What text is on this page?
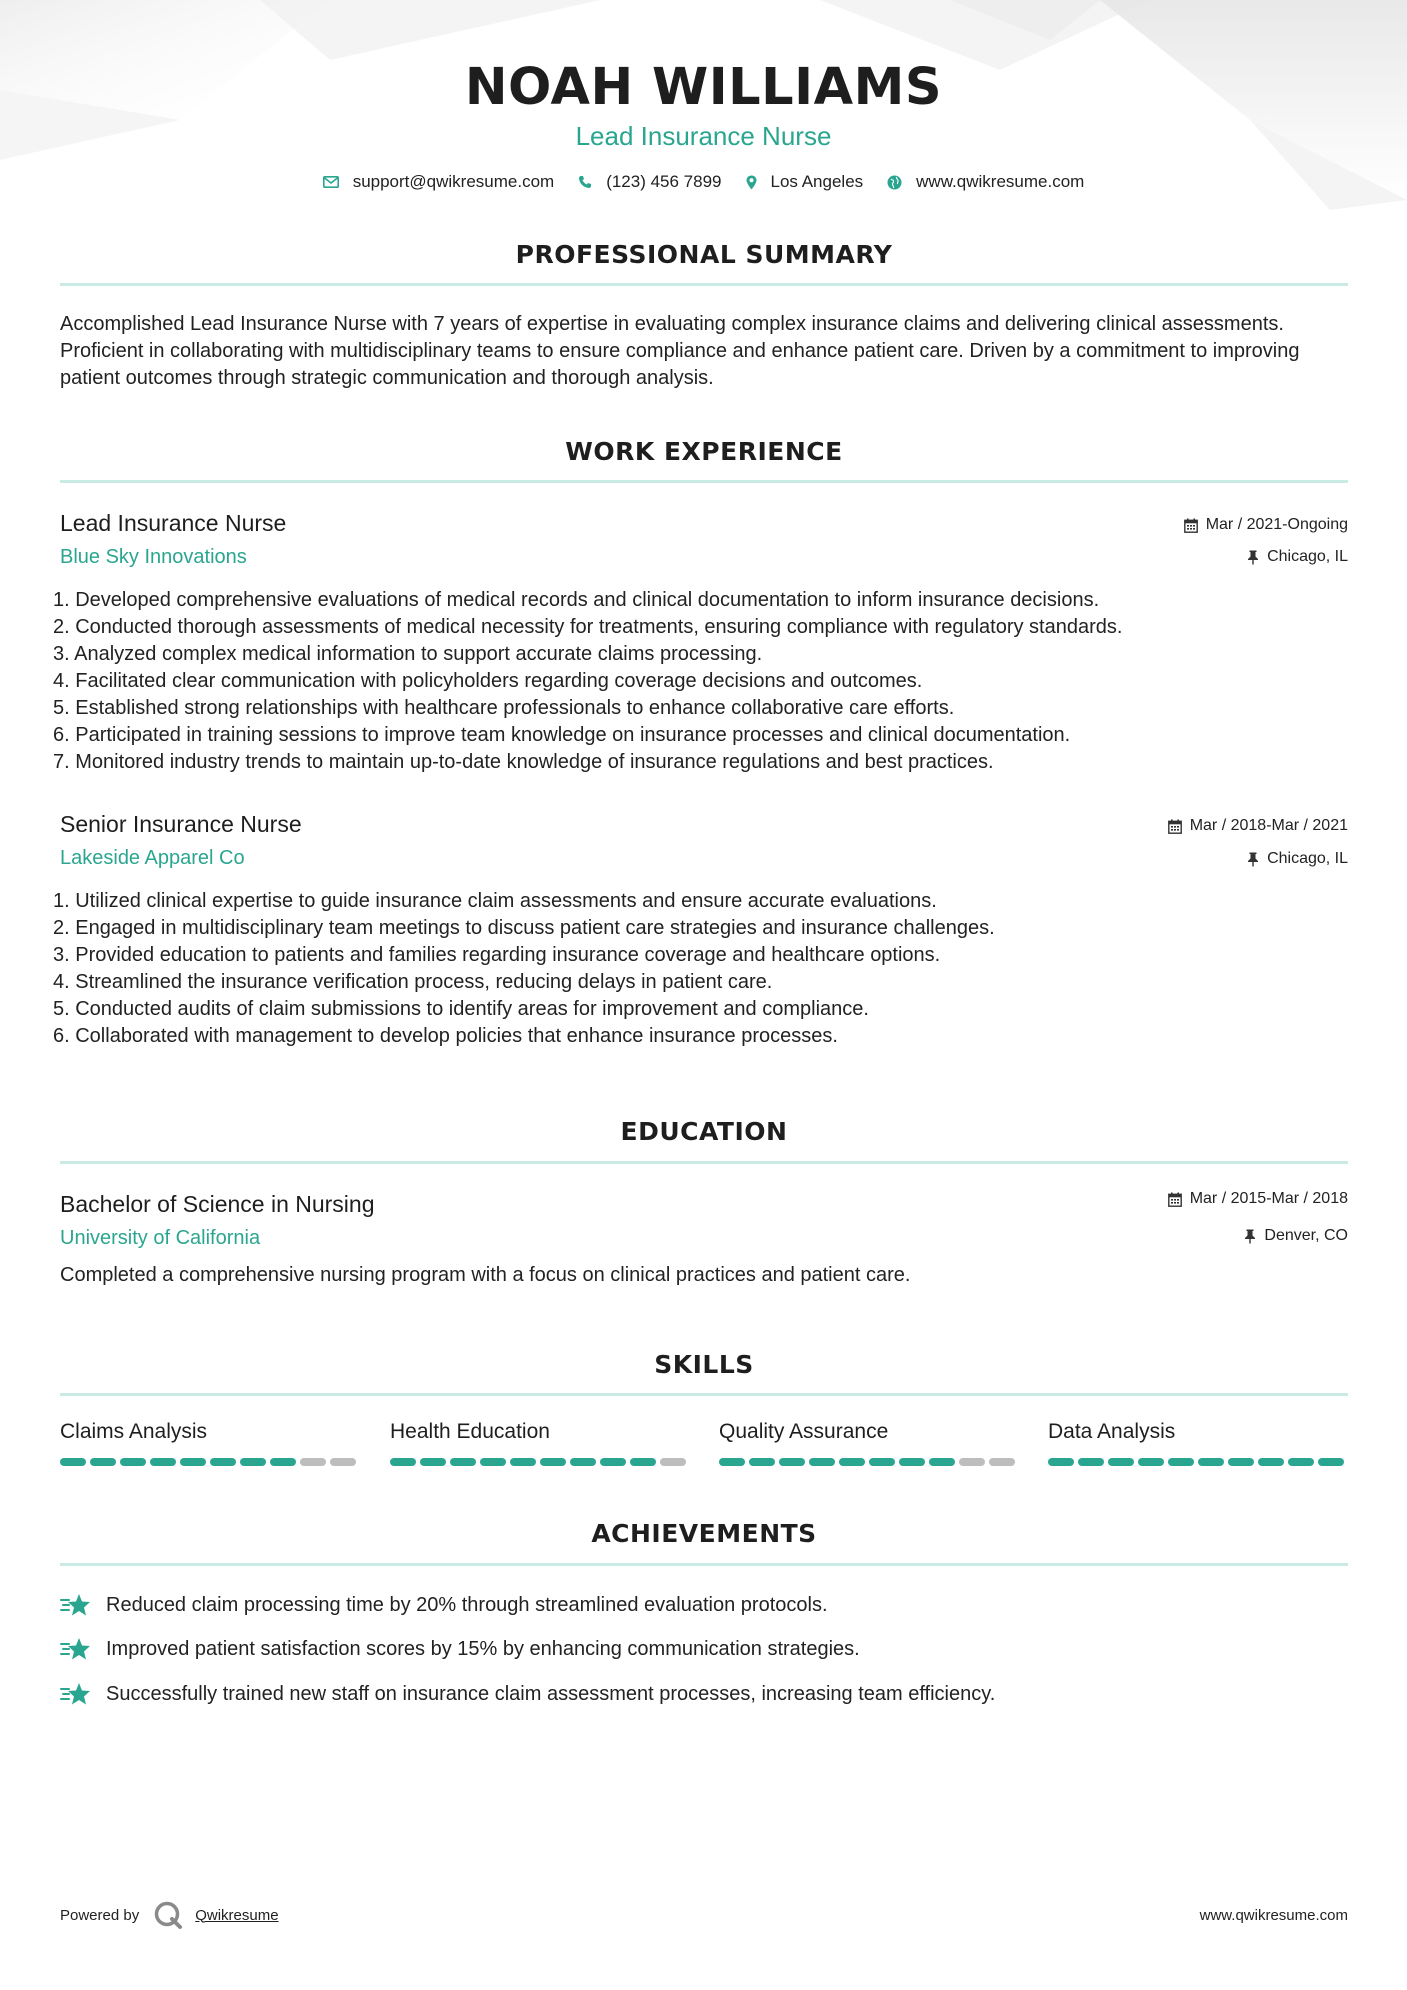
NOAH WILLIAMS
Lead Insurance Nurse
support@qwikresume.com	(123) 456 7899	Los Angeles	www.qwikresume.com
PROFESSIONAL SUMMARY
Accomplished Lead Insurance Nurse with 7 years of expertise in evaluating complex insurance claims and delivering clinical assessments. Proficient in collaborating with multidisciplinary teams to ensure compliance and enhance patient care. Driven by a commitment to improving patient outcomes through strategic communication and thorough analysis.
WORK EXPERIENCE
Lead Insurance Nurse	Mar / 2021-Ongoing
Blue Sky Innovations	Chicago, IL
1. Developed comprehensive evaluations of medical records and clinical documentation to inform insurance decisions.
2. Conducted thorough assessments of medical necessity for treatments, ensuring compliance with regulatory standards.
3. Analyzed complex medical information to support accurate claims processing.
4. Facilitated clear communication with policyholders regarding coverage decisions and outcomes.
5. Established strong relationships with healthcare professionals to enhance collaborative care efforts.
6. Participated in training sessions to improve team knowledge on insurance processes and clinical documentation.
7. Monitored industry trends to maintain up-to-date knowledge of insurance regulations and best practices.
Senior Insurance Nurse	Mar / 2018-Mar / 2021
Lakeside Apparel Co	Chicago, IL
1. Utilized clinical expertise to guide insurance claim assessments and ensure accurate evaluations.
2. Engaged in multidisciplinary team meetings to discuss patient care strategies and insurance challenges.
3. Provided education to patients and families regarding insurance coverage and healthcare options.
4. Streamlined the insurance verification process, reducing delays in patient care.
5. Conducted audits of claim submissions to identify areas for improvement and compliance.
6. Collaborated with management to develop policies that enhance insurance processes.
EDUCATION
Bachelor of Science in Nursing	Mar / 2015-Mar / 2018
University of California	Denver, CO
Completed a comprehensive nursing program with a focus on clinical practices and patient care.
SKILLS
Claims Analysis	Health Education	Quality Assurance	Data Analysis
ACHIEVEMENTS
Reduced claim processing time by 20% through streamlined evaluation protocols.
Improved patient satisfaction scores by 15% by enhancing communication strategies.
Successfully trained new staff on insurance claim assessment processes, increasing team efficiency.
Powered by	Qwikresume	www.qwikresume.com
